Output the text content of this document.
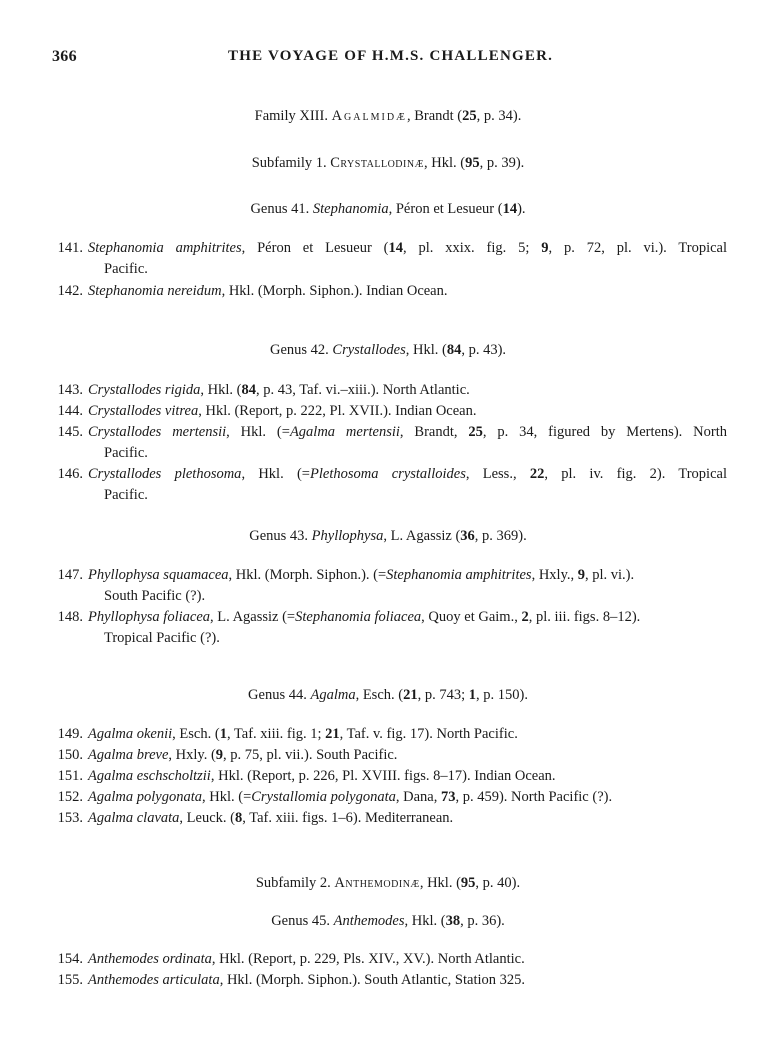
366	THE VOYAGE OF H.M.S. CHALLENGER.
Family XIII. Agalmidæ, Brandt (25, p. 34).
Subfamily 1. Crystallodinæ, Hkl. (95, p. 39).
Genus 41. Stephanomia, Péron et Lesueur (14).
141. Stephanomia amphitrites, Péron et Lesueur (14, pl. xxix. fig. 5; 9, p. 72, pl. vi.). Tropical
Pacific.
142. Stephanomia nereidum, Hkl. (Morph. Siphon.). Indian Ocean.
Genus 42. Crystallodes, Hkl. (84, p. 43).
143. Crystallodes rigida, Hkl. (84, p. 43, Taf. vi.–xiii.). North Atlantic.
144. Crystallodes vitrea, Hkl. (Report, p. 222, Pl. XVII.). Indian Ocean.
145. Crystallodes mertensii, Hkl. (=Agalma mertensii, Brandt, 25, p. 34, figured by Mertens). North
Pacific.
146. Crystallodes plethosoma, Hkl. (=Plethosoma crystalloides, Less., 22, pl. iv. fig. 2). Tropical
Pacific.
Genus 43. Phyllophysa, L. Agassiz (36, p. 369).
147. Phyllophysa squamacea, Hkl. (Morph. Siphon.). (=Stephanomia amphitrites, Hxly., 9, pl. vi.).
South Pacific (?).
148. Phyllophysa foliacea, L. Agassiz (=Stephanomia foliacea, Quoy et Gaim., 2, pl. iii. figs. 8–12).
Tropical Pacific (?).
Genus 44. Agalma, Esch. (21, p. 743; 1, p. 150).
149. Agalma okenii, Esch. (1, Taf. xiii. fig. 1; 21, Taf. v. fig. 17). North Pacific.
150. Agalma breve, Hxly. (9, p. 75, pl. vii.). South Pacific.
151. Agalma eschscholtzii, Hkl. (Report, p. 226, Pl. XVIII. figs. 8–17). Indian Ocean.
152. Agalma polygonata, Hkl. (=Crystallomia polygonata, Dana, 73, p. 459). North Pacific (?).
153. Agalma clavata, Leuck. (8, Taf. xiii. figs. 1–6). Mediterranean.
Subfamily 2. Anthemodinæ, Hkl. (95, p. 40).
Genus 45. Anthemodes, Hkl. (38, p. 36).
154. Anthemodes ordinata, Hkl. (Report, p. 229, Pls. XIV., XV.). North Atlantic.
155. Anthemodes articulata, Hkl. (Morph. Siphon.). South Atlantic, Station 325.
